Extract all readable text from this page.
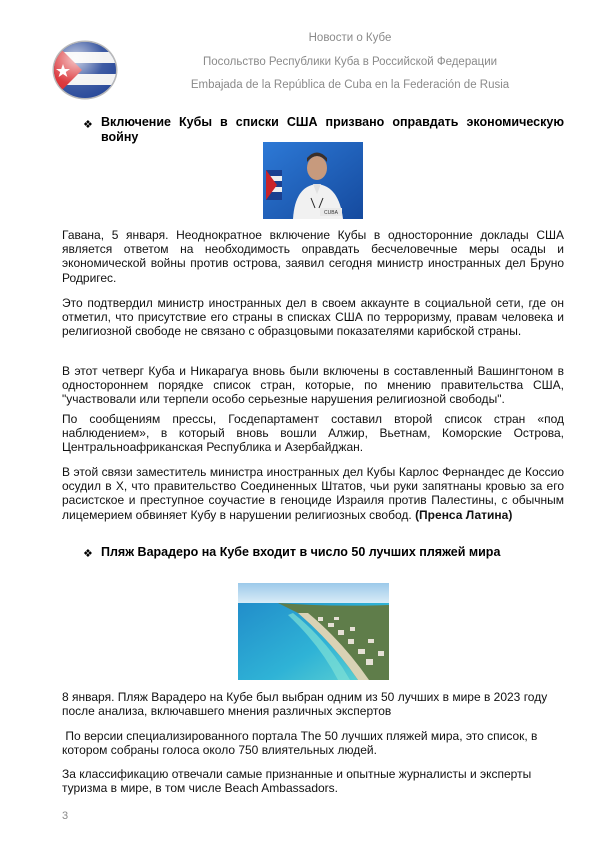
Новости о Кубе
Посольство Республики Куба в Российской Федерации
Embajada de la República de Cuba en la Federación de Rusia
❖ Включение Кубы в списки США призвано оправдать экономическую войну
CUBA

Гавана, 5 января. Неоднократное включение Кубы в односторонние доклады США является ответом на необходимость оправдать бесчеловечные меры осады и экономической войны против острова, заявил сегодня министр иностранных дел Бруно Родригес.

Это подтвердил министр иностранных дел в своем аккаунте в социальной сети, где он отметил, что присутствие его страны в списках США по терроризму, правам человека и религиозной свободе не связано с образцовыми показателями карибской страны.

В этот четверг Куба и Никарагуа вновь были включены в составленный Вашингтоном в одностороннем порядке список стран, которые, по мнению правительства США, "участвовали или терпели особо серьезные нарушения религиозной свободы".

По сообщениям прессы, Госдепартамент составил второй список стран «под наблюдением», в который вновь вошли Алжир, Вьетнам, Коморские Острова, Центральноафриканская Республика и Азербайджан.

В этой связи заместитель министра иностранных дел Кубы Карлос Фернандес де Коссио осудил в X, что правительство Соединенных Штатов, чьи руки запятнаны кровью за его расистское и преступное соучастие в геноциде Израиля против Палестины, с обычным лицемерием обвиняет Кубу в нарушении религиозных свобод. (Пренса Латина)

❖ Пляж Варадеро на Кубе входит в число 50 лучших пляжей мира

8 января. Пляж Варадеро на Кубе был выбран одним из 50 лучших в мире в 2023 году после анализа, включавшего мнения различных экспертов

По версии специализированного портала The 50 лучших пляжей мира, это список, в котором собраны голоса около 750 влиятельных людей.

За классификацию отвечали самые признанные и опытные журналисты и эксперты туризма в мире, в том числе Beach Ambassadors.

3
